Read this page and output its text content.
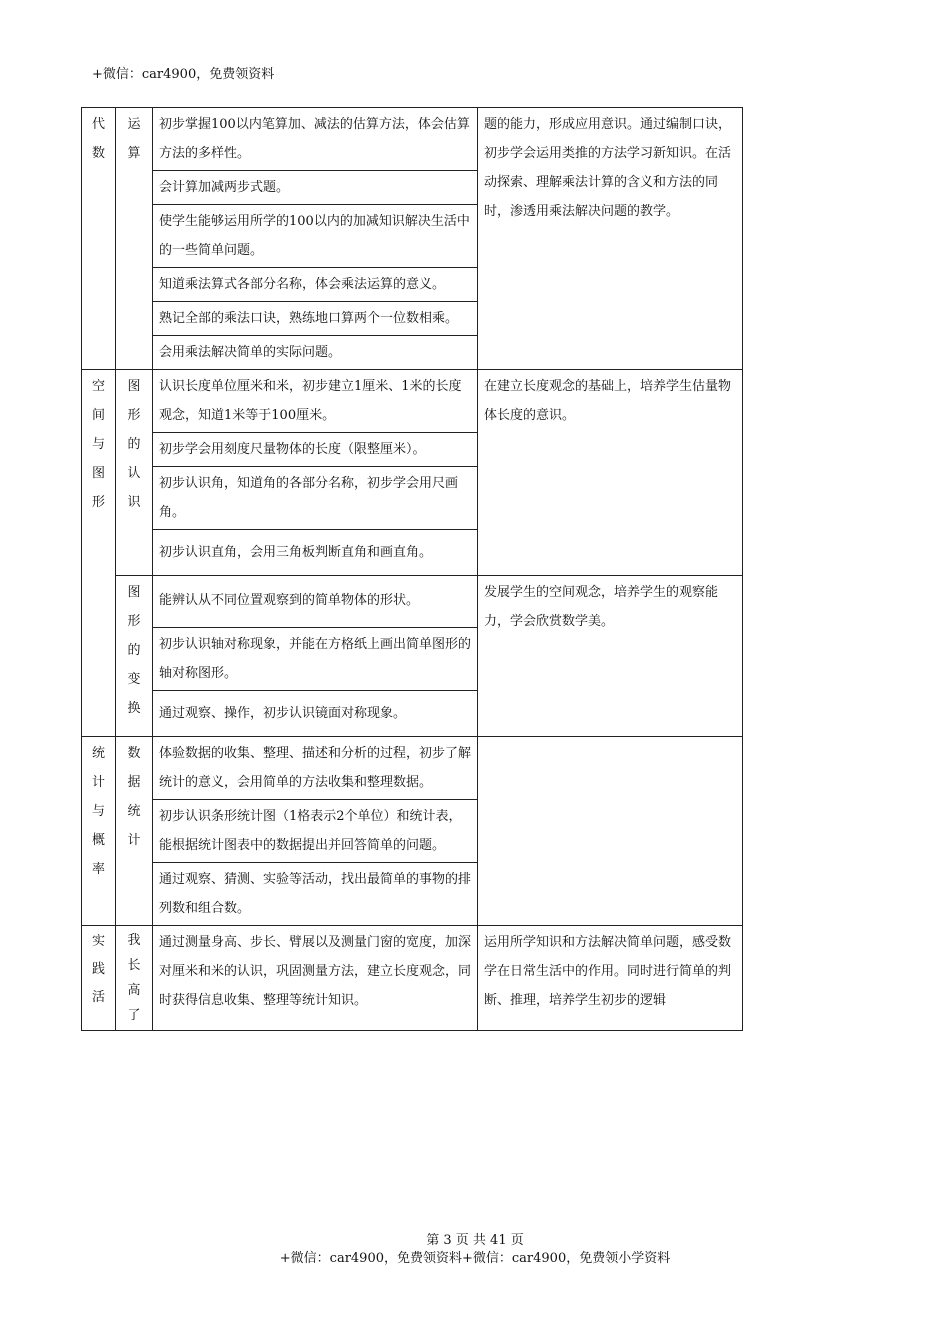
+微信：car4900，免费领资料
代数	运算	初步掌握100以内笔算加、减法的估算方法，体会估算方法的多样性。	题的能力，形成应用意识。通过编制口诀，初步学会运用类推的方法学习新知识。在活动探索、理解乘法计算的含义和方法的同时，渗透用乘法解决问题的教学。
		会计算加减两步式题。	
		使学生能够运用所学的100以内的加减知识解决生活中的一些简单问题。	
		知道乘法算式各部分名称，体会乘法运算的意义。	
		熟记全部的乘法口诀，熟练地口算两个一位数相乘。	
		会用乘法解决简单的实际问题。	

空间与图形	图形的认识	认识长度单位厘米和米，初步建立1厘米、1米的长度观念，知道1米等于100厘米。	在建立长度观念的基础上，培养学生估量物体长度的意识。
		初步学会用刻度尺量物体的长度（限整厘米）。	
		初步认识角，知道角的各部分名称，初步学会用尺画角。	
		初步认识直角，会用三角板判断直角和画直角。	

	图形的变换	能辨认从不同位置观察到的简单物体的形状。	发展学生的空间观念，培养学生的观察能力，学会欣赏数学美。
		初步认识轴对称现象，并能在方格纸上画出简单图形的轴对称图形。	
		通过观察、操作，初步认识镜面对称现象。	

统计与概率	数据统计	体验数据的收集、整理、描述和分析的过程，初步了解统计的意义，会用简单的方法收集和整理数据。	
		初步认识条形统计图（1格表示2个单位）和统计表，能根据统计图表中的数据提出并回答简单的问题。	
		通过观察、猜测、实验等活动，找出最简单的事物的排列数和组合数。	

实践活	我长高了	通过测量身高、步长、臂展以及测量门窗的宽度，加深对厘米和米的认识，巩固测量方法，建立长度观念，同时获得信息收集、整理等统计知识。	运用所学知识和方法解决简单问题，感受数学在日常生活中的作用。同时进行简单的判断、推理，培养学生初步的逻辑
第 3 页 共 41 页
+微信：car4900，免费领资料+微信：car4900，免费领小学资料
